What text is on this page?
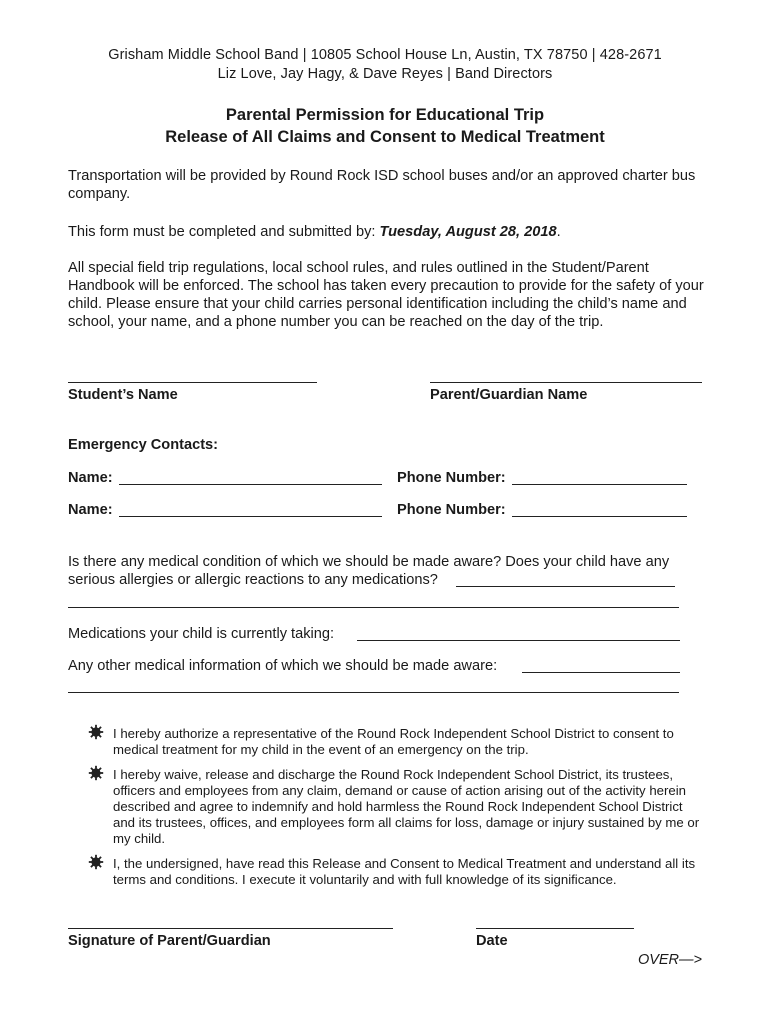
Grisham Middle School Band | 10805 School House Ln, Austin, TX 78750 | 428-2671
Liz Love, Jay Hagy, & Dave Reyes | Band Directors
Parental Permission for Educational Trip
Release of All Claims and Consent to Medical Treatment
Transportation will be provided by Round Rock ISD school buses and/or an approved charter bus company.
This form must be completed and submitted by: Tuesday, August 28, 2018.
All special field trip regulations, local school rules, and rules outlined in the Student/Parent Handbook will be enforced. The school has taken every precaution to provide for the safety of your child. Please ensure that your child carries personal identification including the child’s name and school, your name, and a phone number you can be reached on the day of the trip.
Student’s Name	Parent/Guardian Name
Emergency Contacts:
Name:	Phone Number:
Name:	Phone Number:
Is there any medical condition of which we should be made aware? Does your child have any serious allergies or allergic reactions to any medications?
Medications your child is currently taking:
Any other medical information of which we should be made aware:
I hereby authorize a representative of the Round Rock Independent School District to consent to medical treatment for my child in the event of an emergency on the trip.
I hereby waive, release and discharge the Round Rock Independent School District, its trustees, officers and employees from any claim, demand or cause of action arising out of the activity herein described and agree to indemnify and hold harmless the Round Rock Independent School District and its trustees, offices, and employees form all claims for loss, damage or injury sustained by me or my child.
I, the undersigned, have read this Release and Consent to Medical Treatment and understand all its terms and conditions. I execute it voluntarily and with full knowledge of its significance.
Signature of Parent/Guardian	Date
OVER—>
